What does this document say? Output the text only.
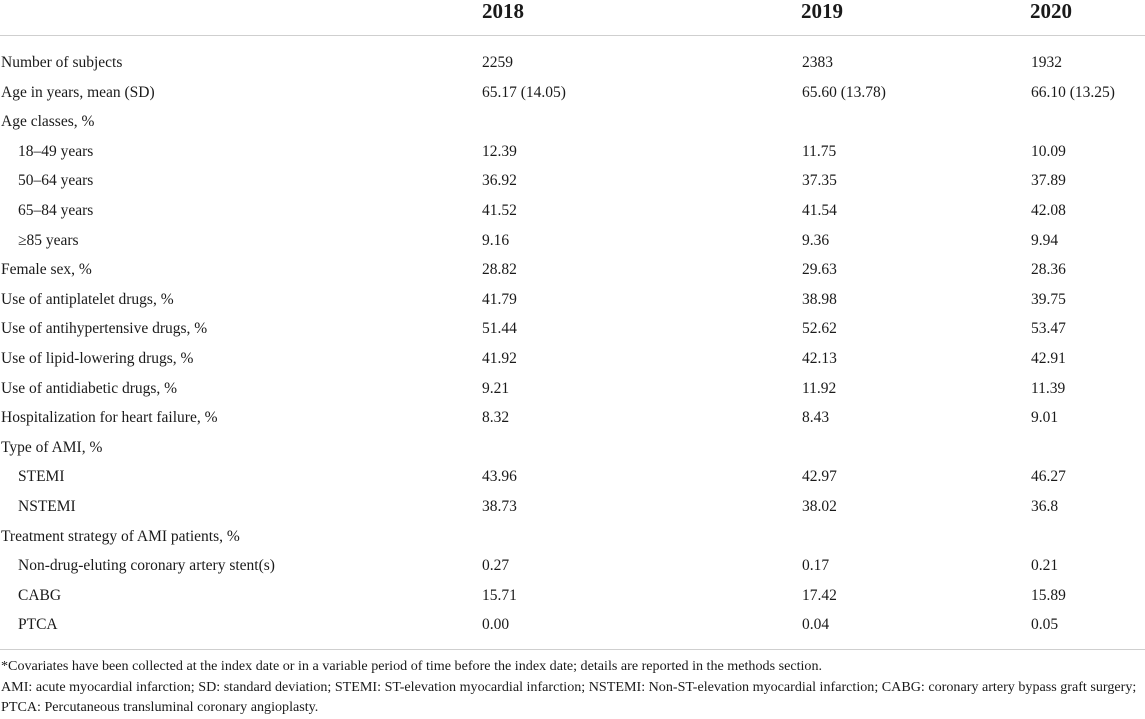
2018	2019	2020
Number of subjects	2259	2383	1932
Age in years, mean (SD)	65.17 (14.05)	65.60 (13.78)	66.10 (13.25)
Age classes, %
18–49 years	12.39	11.75	10.09
50–64 years	36.92	37.35	37.89
65–84 years	41.52	41.54	42.08
≥85 years	9.16	9.36	9.94
Female sex, %	28.82	29.63	28.36
Use of antiplatelet drugs, %	41.79	38.98	39.75
Use of antihypertensive drugs, %	51.44	52.62	53.47
Use of lipid-lowering drugs, %	41.92	42.13	42.91
Use of antidiabetic drugs, %	9.21	11.92	11.39
Hospitalization for heart failure, %	8.32	8.43	9.01
Type of AMI, %
STEMI	43.96	42.97	46.27
NSTEMI	38.73	38.02	36.8
Treatment strategy of AMI patients, %
Non-drug-eluting coronary artery stent(s)	0.27	0.17	0.21
CABG	15.71	17.42	15.89
PTCA	0.00	0.04	0.05

*Covariates have been collected at the index date or in a variable period of time before the index date; details are reported in the methods section.

AMI: acute myocardial infarction; SD: standard deviation; STEMI: ST-elevation myocardial infarction; NSTEMI: Non-ST-elevation myocardial infarction; CABG: coronary artery bypass graft surgery; PTCA: Percutaneous transluminal coronary angioplasty.
